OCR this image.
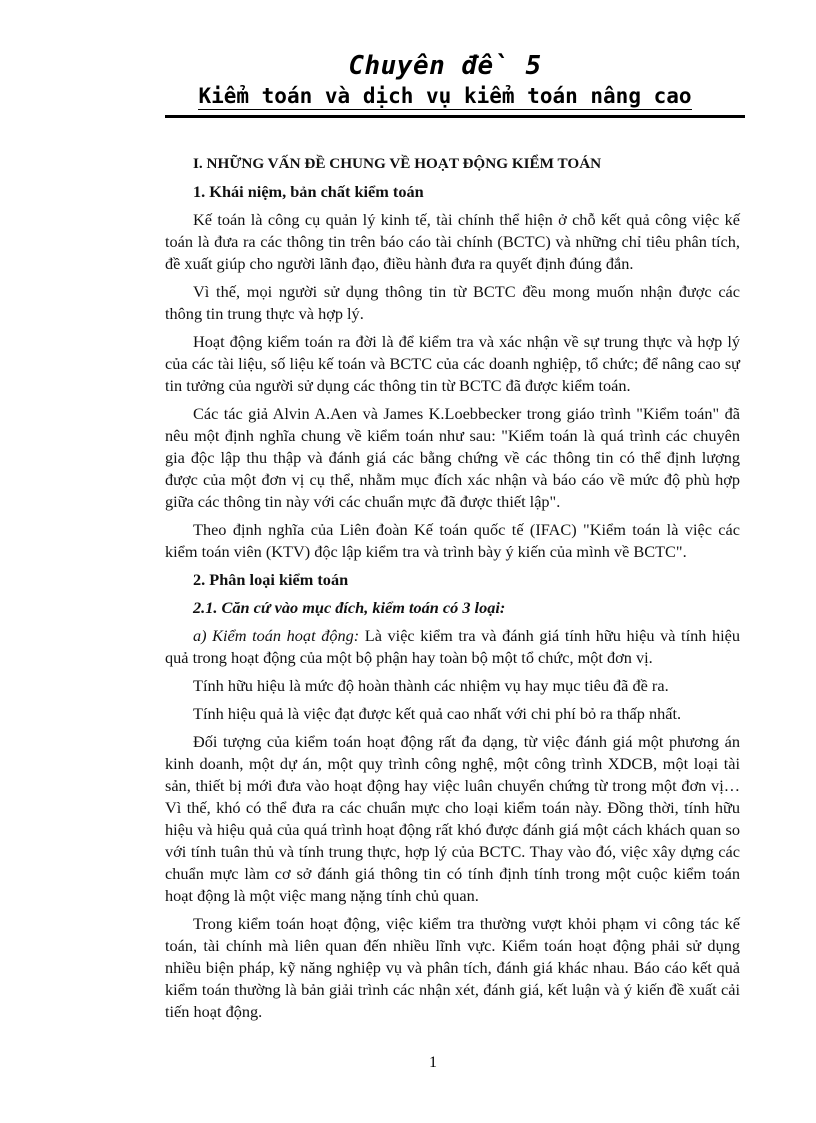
Chuyên đề 5
Kiểm toán và dịch vụ kiểm toán nâng cao

I. NHỮNG VẤN ĐỀ CHUNG VỀ HOẠT ĐỘNG KIỂM TOÁN

1. Khái niệm, bản chất kiểm toán

Kế toán là công cụ quản lý kinh tế, tài chính thể hiện ở chỗ kết quả công việc kế toán là đưa ra các thông tin trên báo cáo tài chính (BCTC) và những chỉ tiêu phân tích, đề xuất giúp cho người lãnh đạo, điều hành đưa ra quyết định đúng đắn.

Vì thế, mọi người sử dụng thông tin từ BCTC đều mong muốn nhận được các thông tin trung thực và hợp lý.

Hoạt động kiểm toán ra đời là để kiểm tra và xác nhận về sự trung thực và hợp lý của các tài liệu, số liệu kế toán và BCTC của các doanh nghiệp, tổ chức; để nâng cao sự tin tưởng của người sử dụng các thông tin từ BCTC đã được kiểm toán.

Các tác giả Alvin A.Aen và James K.Loebbecker trong giáo trình "Kiểm toán" đã nêu một định nghĩa chung về kiểm toán như sau: "Kiểm toán là quá trình các chuyên gia độc lập thu thập và đánh giá các bằng chứng về các thông tin có thể định lượng được của một đơn vị cụ thể, nhằm mục đích xác nhận và báo cáo về mức độ phù hợp giữa các thông tin này với các chuẩn mực đã được thiết lập".

Theo định nghĩa của Liên đoàn Kế toán quốc tế (IFAC) "Kiểm toán là việc các kiểm toán viên (KTV) độc lập kiểm tra và trình bày ý kiến của mình về BCTC".

2. Phân loại kiểm toán

2.1. Căn cứ vào mục đích, kiểm toán có 3 loại:

a) Kiểm toán hoạt động: Là việc kiểm tra và đánh giá tính hữu hiệu và tính hiệu quả trong hoạt động của một bộ phận hay toàn bộ một tổ chức, một đơn vị.

Tính hữu hiệu là mức độ hoàn thành các nhiệm vụ hay mục tiêu đã đề ra.

Tính hiệu quả là việc đạt được kết quả cao nhất với chi phí bỏ ra thấp nhất.

Đối tượng của kiểm toán hoạt động rất đa dạng, từ việc đánh giá một phương án kinh doanh, một dự án, một quy trình công nghệ, một công trình XDCB, một loại tài sản, thiết bị mới đưa vào hoạt động hay việc luân chuyển chứng từ trong một đơn vị… Vì thế, khó có thể đưa ra các chuẩn mực cho loại kiểm toán này. Đồng thời, tính hữu hiệu và hiệu quả của quá trình hoạt động rất khó được đánh giá một cách khách quan so với tính tuân thủ và tính trung thực, hợp lý của BCTC. Thay vào đó, việc xây dựng các chuẩn mực làm cơ sở đánh giá thông tin có tính định tính trong một cuộc kiểm toán hoạt động là một việc mang nặng tính chủ quan.

Trong kiểm toán hoạt động, việc kiểm tra thường vượt khỏi phạm vi công tác kế toán, tài chính mà liên quan đến nhiều lĩnh vực. Kiểm toán hoạt động phải sử dụng nhiều biện pháp, kỹ năng nghiệp vụ và phân tích, đánh giá khác nhau. Báo cáo kết quả kiểm toán thường là bản giải trình các nhận xét, đánh giá, kết luận và ý kiến đề xuất cải tiến hoạt động.

1
